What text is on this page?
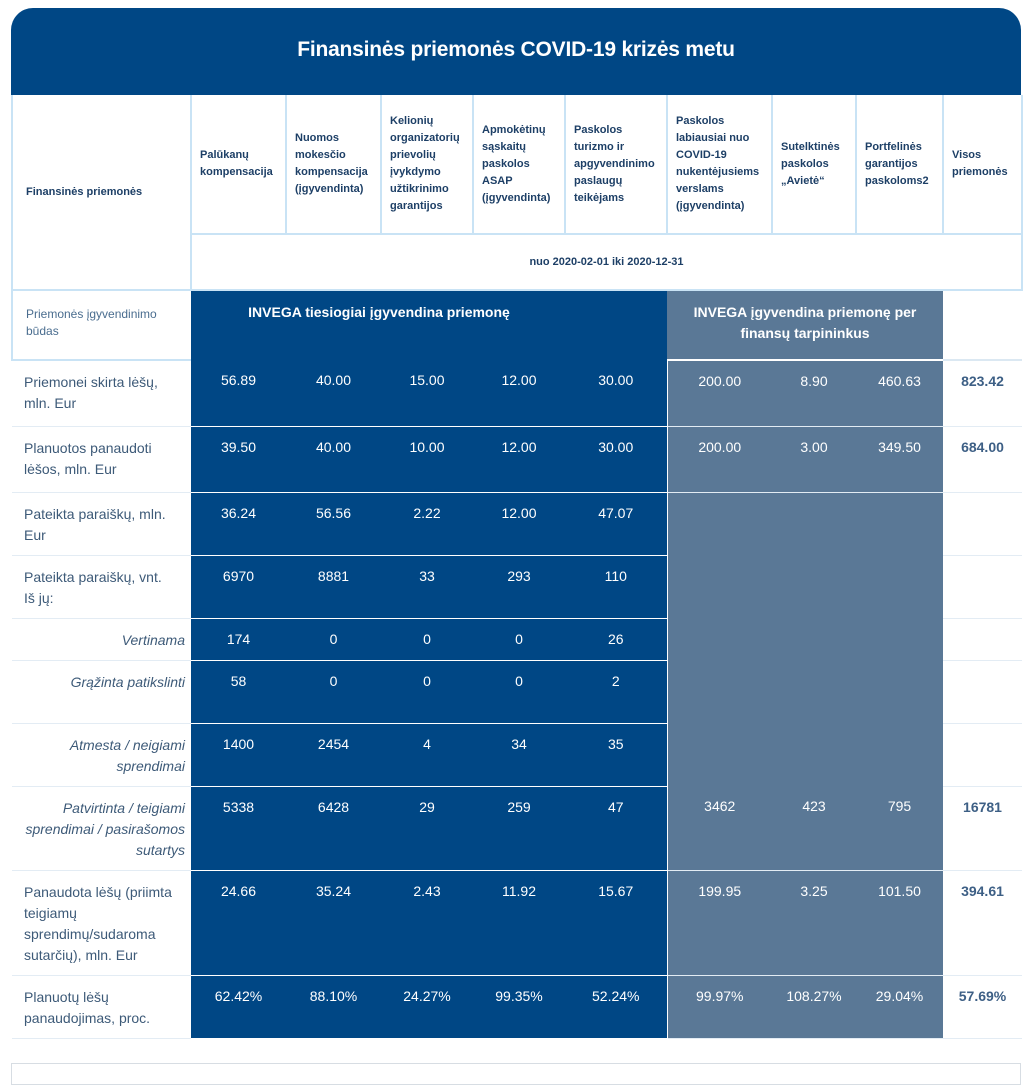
Finansinės priemonės COVID-19 krizės metu
Finansinės priemonės	Palūkanų kompensacija	Nuomos mokesčio kompensacija (įgyvendinta)	Kelionių organizatorių prievolių įvykdymo užtikrinimo garantijos	Apmokėtinų sąskaitų paskolos ASAP (įgyvendinta)	Paskolos turizmo ir apgyvendinimo paslaugų teikėjams	Paskolos labiausiai nuo COVID-19 nukentėjusiems verslams (įgyvendinta)	Sutelktinės paskolos „Avietė“	Portfelinės garantijos paskoloms2	Visos priemonės
	nuo 2020-02-01 iki 2020-12-31								
Priemonės įgyvendinimo būdas	INVEGA tiesiogiai įgyvendina priemonę					INVEGA įgyvendina priemonę per finansų tarpininkus			
Priemonei skirta lėšų, mln. Eur	56.89	40.00	15.00	12.00	30.00	200.00	8.90	460.63	823.42
Planuotos panaudoti lėšos, mln. Eur	39.50	40.00	10.00	12.00	30.00	200.00	3.00	349.50	684.00
Pateikta paraiškų, mln. Eur	36.24	56.56	2.22	12.00	47.07				
Pateikta paraiškų, vnt.
Iš jų:	6970	8881	33	293	110				
Vertinama	174	0	0	0	26				
Grąžinta patikslinti	58	0	0	0	2				
Atmesta / neigiami sprendimai	1400	2454	4	34	35				
Patvirtinta / teigiami sprendimai / pasirašomos sutartys	5338	6428	29	259	47	3462	423	795	16781
Panaudota lėšų (priimta teigiamų sprendimų/sudaroma sutarčių), mln. Eur	24.66	35.24	2.43	11.92	15.67	199.95	3.25	101.50	394.61
Planuotų lėšų panaudojimas, proc.	62.42%	88.10%	24.27%	99.35%	52.24%	99.97%	108.27%	29.04%	57.69%
